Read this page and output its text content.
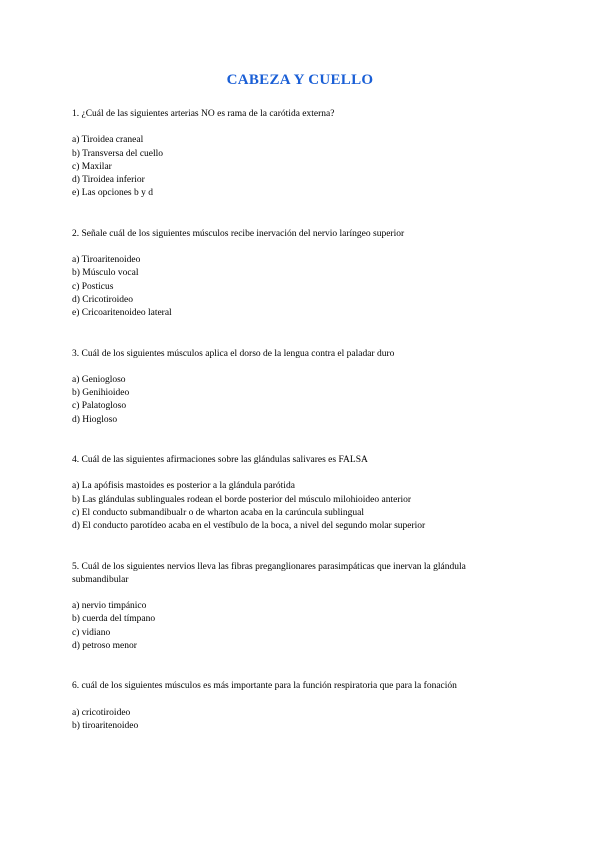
CABEZA Y CUELLO

1. ¿Cuál de las siguientes arterias NO es rama de la carótida externa?

a) Tiroidea craneal

b) Transversa del cuello

c) Maxilar

d) Tiroidea inferior

e) Las opciones b y d

2. Señale cuál de los siguientes músculos recibe inervación del nervio laríngeo superior

a) Tiroaritenoideo

b) Músculo vocal

c) Posticus

d) Cricotiroideo

e) Cricoaritenoideo lateral

3. Cuál de los siguientes músculos aplica el dorso de la lengua contra el paladar duro

a) Geniogloso

b) Genihioideo

c) Palatogloso

d) Hiogloso

4. Cuál de las siguientes afirmaciones sobre las glándulas salivares es FALSA

a) La apófisis mastoides es posterior a la glándula parótida

b) Las glándulas sublinguales rodean el borde posterior del músculo milohioideo anterior

c) El conducto submandibualr o de wharton acaba en la carúncula sublingual

d) El conducto parotídeo acaba en el vestíbulo de la boca, a nivel del segundo molar superior

5. Cuál de los siguientes nervios lleva las fibras preganglionares parasimpáticas que inervan la glándula submandibular

a) nervio timpánico

b) cuerda del tímpano

c) vidiano

d) petroso menor

6. cuál de los siguientes músculos es más importante para la función respiratoria que para la fonación

a) cricotiroideo

b) tiroaritenoideo
